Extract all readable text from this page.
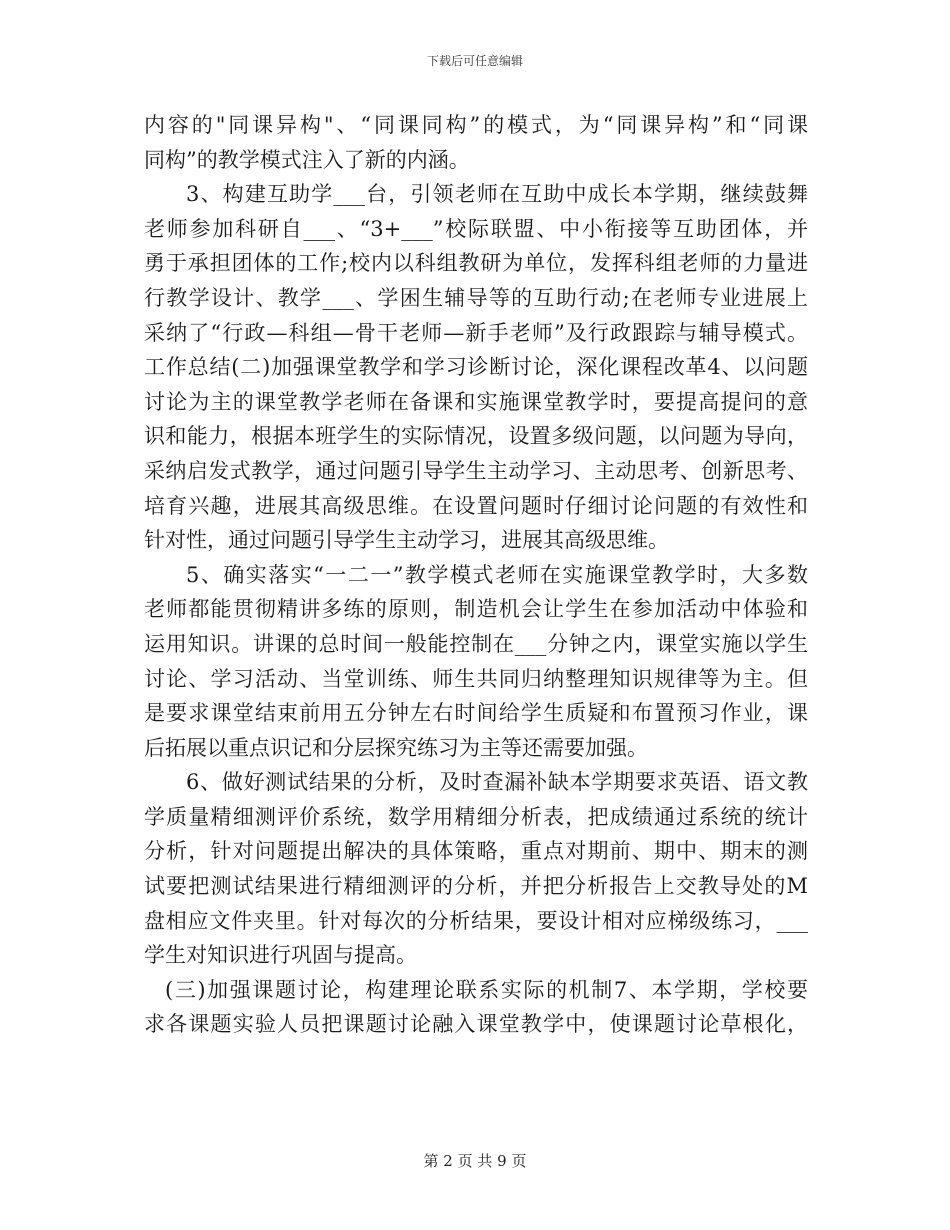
下载后可任意编辑
内容的"同课异构"、“同课同构”的模式，为“同课异构”和“同课
同构”的教学模式注入了新的内涵。
3、构建互助学___台，引领老师在互助中成长本学期，继续鼓舞
老师参加科研自___、“3+___”校际联盟、中小衔接等互助团体，并
勇于承担团体的工作;校内以科组教研为单位，发挥科组老师的力量进
行教学设计、教学___、学困生辅导等的互助行动;在老师专业进展上
采纳了“行政—科组—骨干老师—新手老师”及行政跟踪与辅导模式。
工作总结(二)加强课堂教学和学习诊断讨论，深化课程改革4、以问题
讨论为主的课堂教学老师在备课和实施课堂教学时，要提高提问的意
识和能力，根据本班学生的实际情况，设置多级问题，以问题为导向，
采纳启发式教学，通过问题引导学生主动学习、主动思考、创新思考、
培育兴趣，进展其高级思维。在设置问题时仔细讨论问题的有效性和
针对性，通过问题引导学生主动学习，进展其高级思维。
5、确实落实“一二一”教学模式老师在实施课堂教学时，大多数
老师都能贯彻精讲多练的原则，制造机会让学生在参加活动中体验和
运用知识。讲课的总时间一般能控制在___分钟之内，课堂实施以学生
讨论、学习活动、当堂训练、师生共同归纳整理知识规律等为主。但
是要求课堂结束前用五分钟左右时间给学生质疑和布置预习作业，课
后拓展以重点识记和分层探究练习为主等还需要加强。
6、做好测试结果的分析，及时查漏补缺本学期要求英语、语文教
学质量精细测评价系统，数学用精细分析表，把成绩通过系统的统计
分析，针对问题提出解决的具体策略，重点对期前、期中、期末的测
试要把测试结果进行精细测评的分析，并把分析报告上交教导处的M
盘相应文件夹里。针对每次的分析结果，要设计相对应梯级练习，___
学生对知识进行巩固与提高。
(三)加强课题讨论，构建理论联系实际的机制7、本学期，学校要
求各课题实验人员把课题讨论融入课堂教学中，使课题讨论草根化，
第 2 页 共 9 页
